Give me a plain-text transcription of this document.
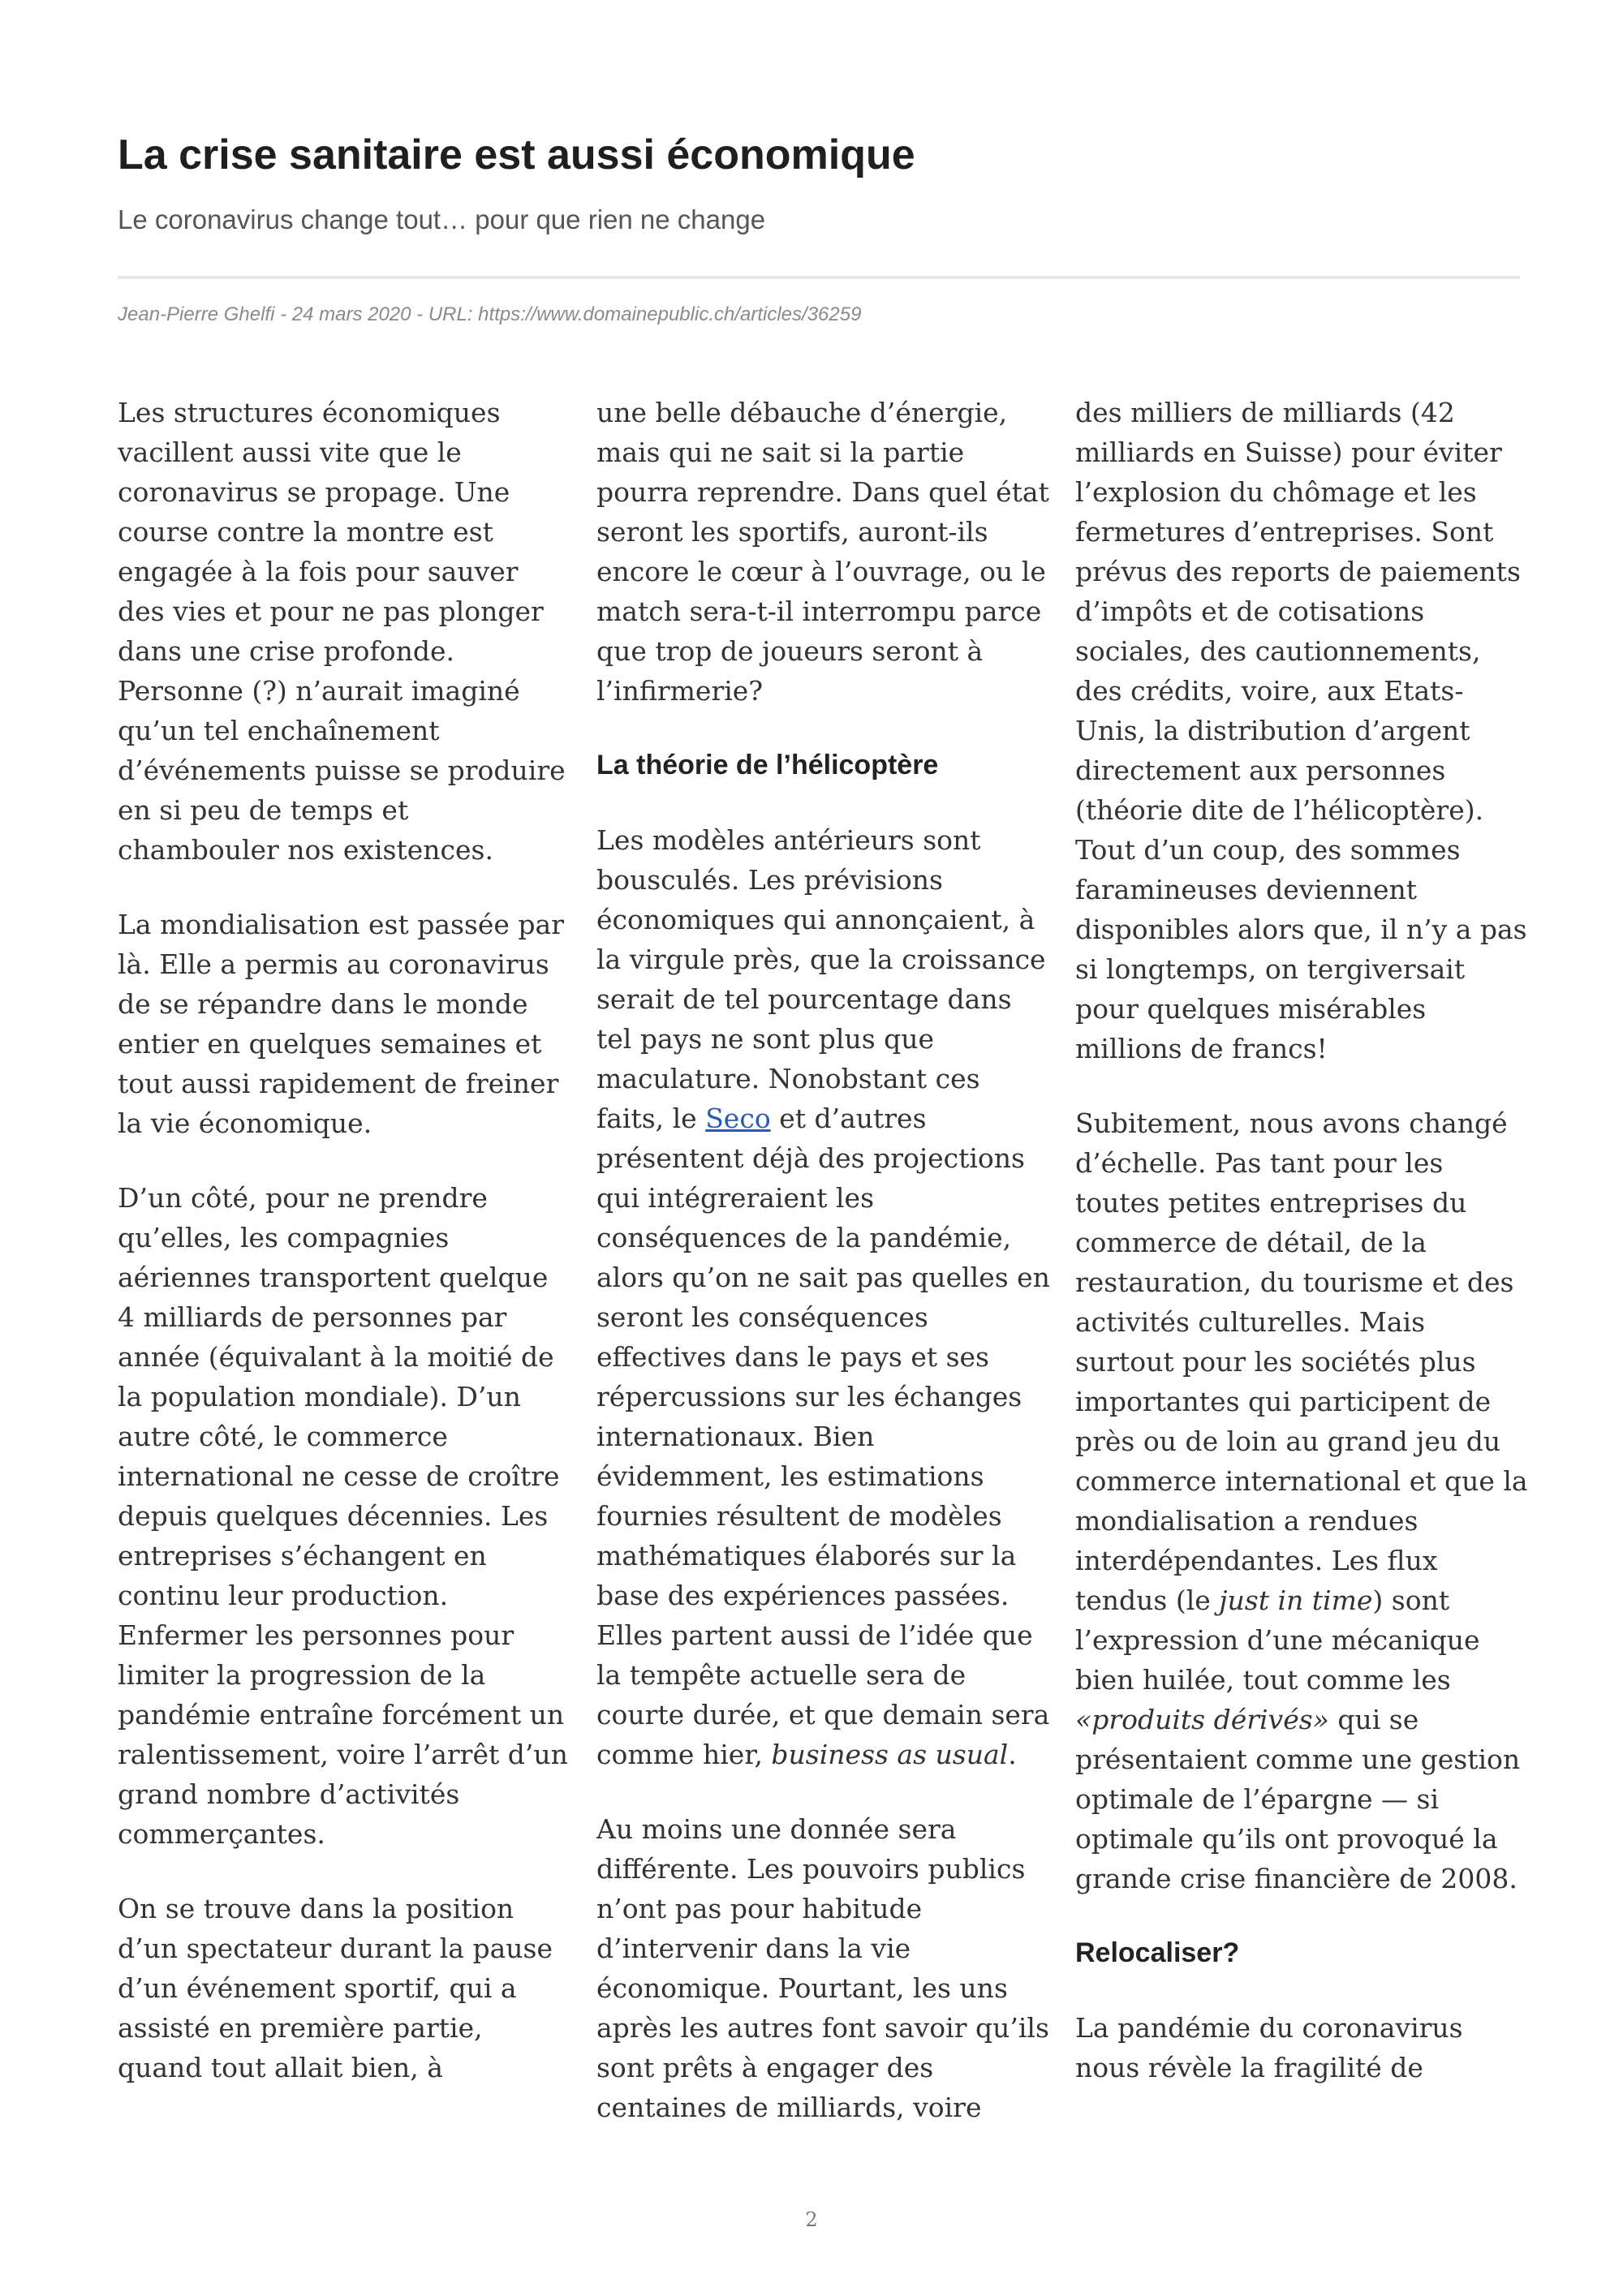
La crise sanitaire est aussi économique
Le coronavirus change tout… pour que rien ne change
Jean-Pierre Ghelfi - 24 mars 2020 - URL: https://www.domainepublic.ch/articles/36259

Les structures économiques vacillent aussi vite que le coronavirus se propage. Une course contre la montre est engagée à la fois pour sauver des vies et pour ne pas plonger dans une crise profonde. Personne (?) n’aurait imaginé qu’un tel enchaînement d’événements puisse se produire en si peu de temps et chambouler nos existences.

La mondialisation est passée par là. Elle a permis au coronavirus de se répandre dans le monde entier en quelques semaines et tout aussi rapidement de freiner la vie économique.

D’un côté, pour ne prendre qu’elles, les compagnies aériennes transportent quelque 4 milliards de personnes par année (équivalant à la moitié de la population mondiale). D’un autre côté, le commerce international ne cesse de croître depuis quelques décennies. Les entreprises s’échangent en continu leur production. Enfermer les personnes pour limiter la progression de la pandémie entraîne forcément un ralentissement, voire l’arrêt d’un grand nombre d’activités commerçantes.

On se trouve dans la position d’un spectateur durant la pause d’un événement sportif, qui a assisté en première partie, quand tout allait bien, à

une belle débauche d’énergie, mais qui ne sait si la partie pourra reprendre. Dans quel état seront les sportifs, auront-ils encore le cœur à l’ouvrage, ou le match sera-t-il interrompu parce que trop de joueurs seront à l’infirmerie?

La théorie de l’hélicoptère

Les modèles antérieurs sont bousculés. Les prévisions économiques qui annonçaient, à la virgule près, que la croissance serait de tel pourcentage dans tel pays ne sont plus que maculature. Nonobstant ces faits, le Seco et d’autres présentent déjà des projections qui intégreraient les conséquences de la pandémie, alors qu’on ne sait pas quelles en seront les conséquences effectives dans le pays et ses répercussions sur les échanges internationaux. Bien évidemment, les estimations fournies résultent de modèles mathématiques élaborés sur la base des expériences passées. Elles partent aussi de l’idée que la tempête actuelle sera de courte durée, et que demain sera comme hier, business as usual.

Au moins une donnée sera différente. Les pouvoirs publics n’ont pas pour habitude d’intervenir dans la vie économique. Pourtant, les uns après les autres font savoir qu’ils sont prêts à engager des centaines de milliards, voire

des milliers de milliards (42 milliards en Suisse) pour éviter l’explosion du chômage et les fermetures d’entreprises. Sont prévus des reports de paiements d’impôts et de cotisations sociales, des cautionnements, des crédits, voire, aux Etats-Unis, la distribution d’argent directement aux personnes (théorie dite de l’hélicoptère). Tout d’un coup, des sommes faramineuses deviennent disponibles alors que, il n’y a pas si longtemps, on tergiversait pour quelques misérables millions de francs!

Subitement, nous avons changé d’échelle. Pas tant pour les toutes petites entreprises du commerce de détail, de la restauration, du tourisme et des activités culturelles. Mais surtout pour les sociétés plus importantes qui participent de près ou de loin au grand jeu du commerce international et que la mondialisation a rendues interdépendantes. Les flux tendus (le just in time) sont l’expression d’une mécanique bien huilée, tout comme les «produits dérivés» qui se présentaient comme une gestion optimale de l’épargne — si optimale qu’ils ont provoqué la grande crise financière de 2008.

Relocaliser?

La pandémie du coronavirus nous révèle la fragilité de

2
